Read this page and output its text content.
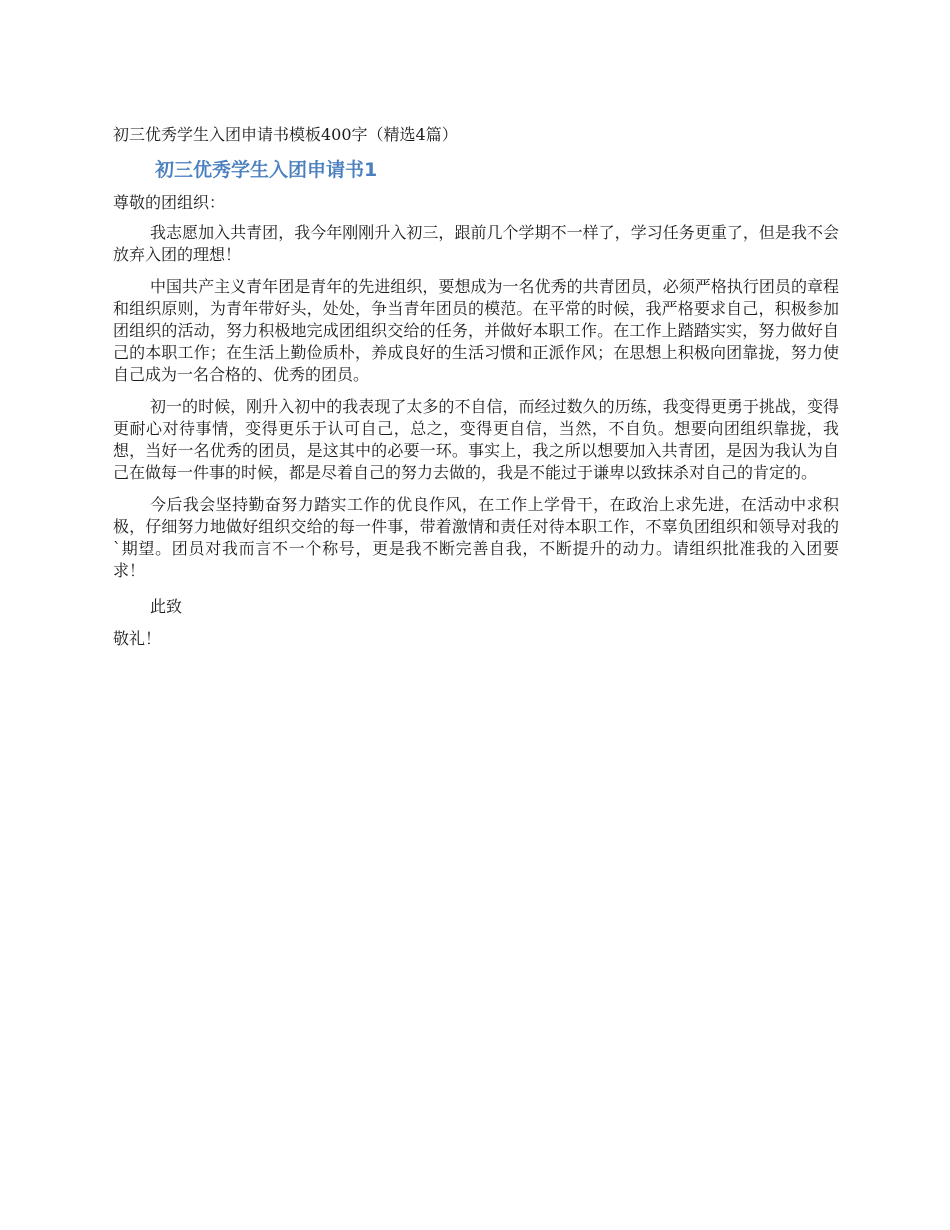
初三优秀学生入团申请书模板400字（精选4篇）
初三优秀学生入团申请书1
尊敬的团组织：

我志愿加入共青团，我今年刚刚升入初三，跟前几个学期不一样了，学习任务更重了，但是我不会放弃入团的理想！

中国共产主义青年团是青年的先进组织，要想成为一名优秀的共青团员，必须严格执行团员的章程和组织原则，为青年带好头，处处，争当青年团员的模范。在平常的时候，我严格要求自己，积极参加团组织的活动，努力积极地完成团组织交给的任务，并做好本职工作。在工作上踏踏实实，努力做好自己的本职工作；在生活上勤俭质朴，养成良好的生活习惯和正派作风；在思想上积极向团靠拢，努力使自己成为一名合格的、优秀的团员。

初一的时候，刚升入初中的我表现了太多的不自信，而经过数久的历练，我变得更勇于挑战，变得更耐心对待事情，变得更乐于认可自己，总之，变得更自信，当然，不自负。想要向团组织靠拢，我想，当好一名优秀的团员，是这其中的必要一环。事实上，我之所以想要加入共青团，是因为我认为自己在做每一件事的时候，都是尽着自己的努力去做的，我是不能过于谦卑以致抹杀对自己的肯定的。

今后我会坚持勤奋努力踏实工作的优良作风，在工作上学骨干，在政治上求先进，在活动中求积极，仔细努力地做好组织交给的每一件事，带着激情和责任对待本职工作，不辜负团组织和领导对我的`期望。团员对我而言不一个称号，更是我不断完善自我，不断提升的动力。请组织批准我的入团要求！

此致
敬礼！
